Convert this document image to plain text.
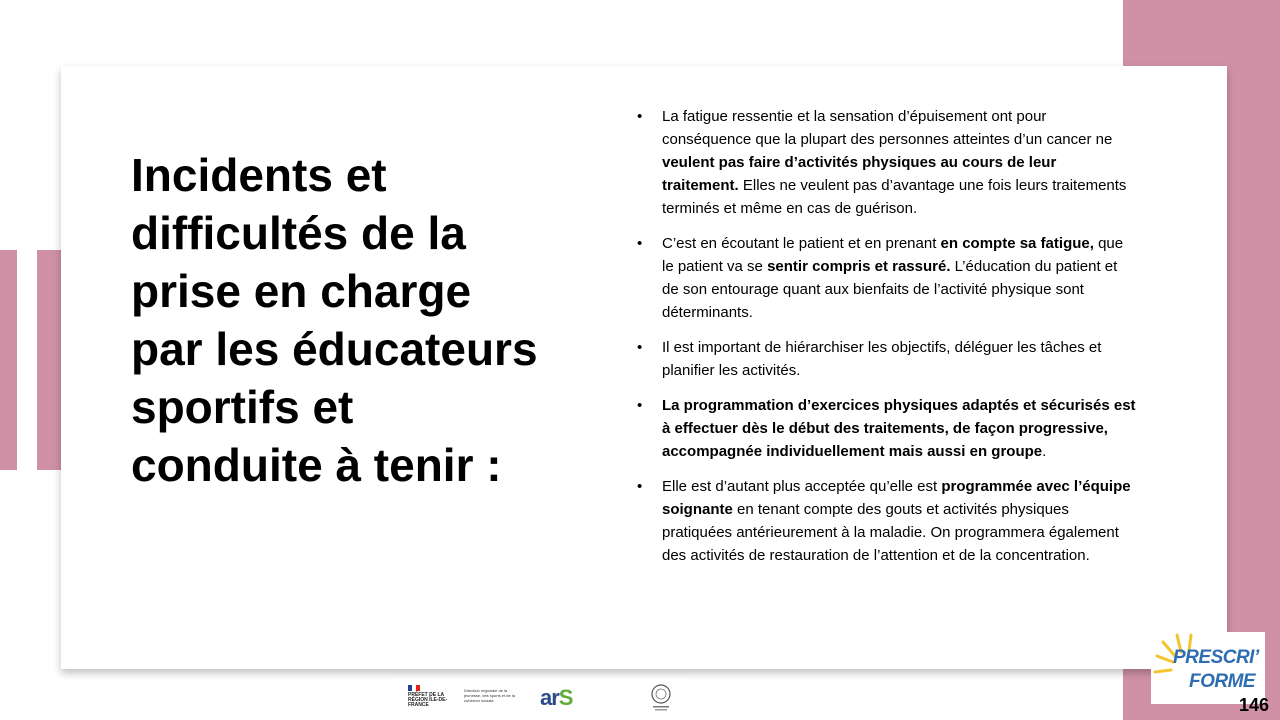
Incidents et difficultés de la prise en charge par les éducateurs sportifs et conduite à tenir :
• La fatigue ressentie et la sensation d’épuisement ont pour conséquence que la plupart des personnes atteintes d’un cancer ne veulent pas faire d’activités physiques au cours de leur traitement. Elles ne veulent pas d’avantage une fois leurs traitements terminés et même en cas de guérison.
• C’est en écoutant le patient et en prenant en compte sa fatigue, que le patient va se sentir compris et rassuré. L’éducation du patient et de son entourage quant aux bienfaits de l’activité physique sont déterminants.
• Il est important de hiérarchiser les objectifs, déléguer les tâches et planifier les activités.
• La programmation d’exercices physiques adaptés et sécurisés est à effectuer dès le début des traitements, de façon progressive, accompagnée individuellement mais aussi en groupe.
• Elle est d’autant plus acceptée qu’elle est programmée avec l’équipe soignante en tenant compte des gouts et activités physiques pratiquées antérieurement à la maladie. On programmera également des activités de restauration de l’attention et de la concentration.
PRÉFET DE LA RÉGION ÎLE-DE-FRANCE
Direction régionale de la jeunesse, des sports et de la cohésion sociale	arS
PRESCRI’
FORME
146
